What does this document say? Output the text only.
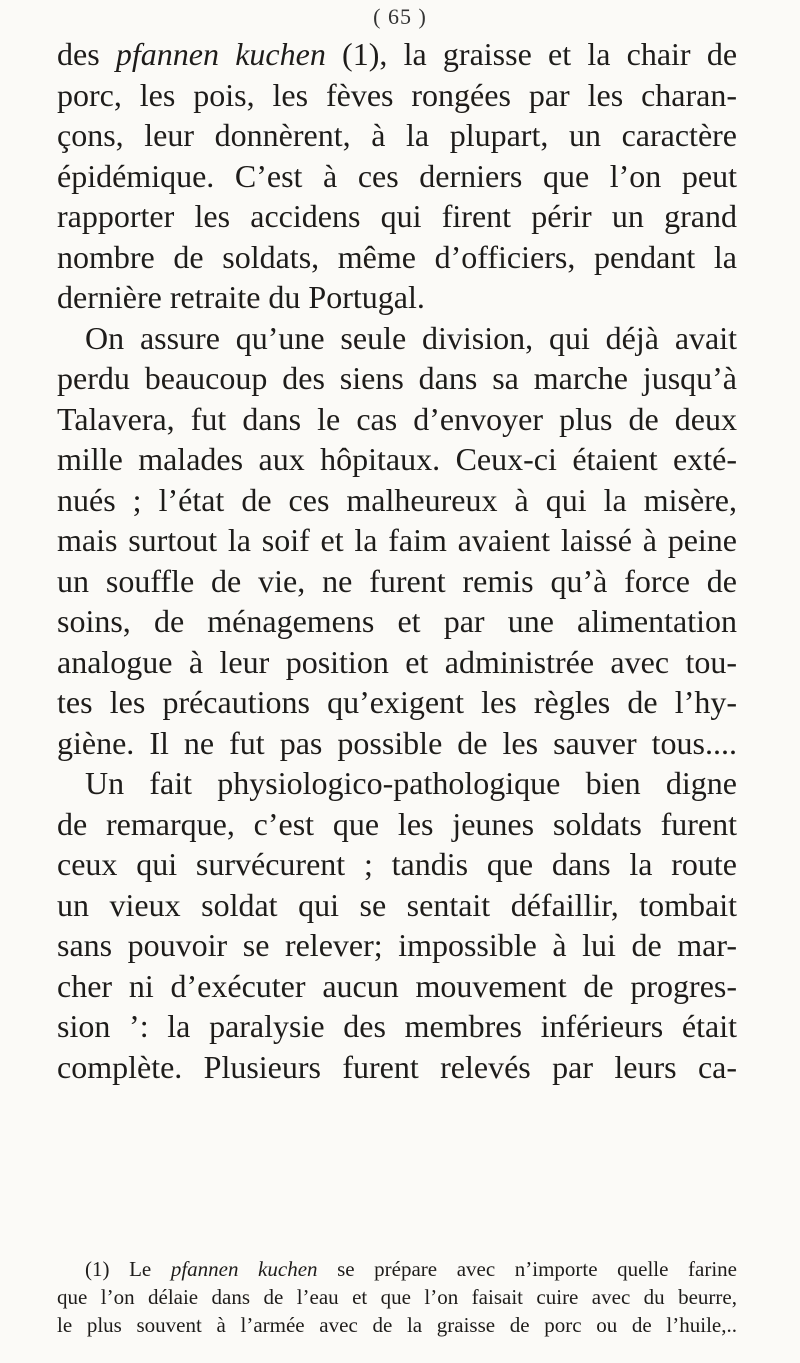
( 65 )
des pfannen kuchen (1), la graisse et la chair de
porc, les pois, les fèves rongées par les charan-
çons, leur donnèrent, à la plupart, un caractère
épidémique. C’est à ces derniers que l’on peut
rapporter les accidens qui firent périr un grand
nombre de soldats, même d’officiers, pendant la
dernière retraite du Portugal.
On assure qu’une seule division, qui déjà avait
perdu beaucoup des siens dans sa marche jusqu’à
Talavera, fut dans le cas d’envoyer plus de deux
mille malades aux hôpitaux. Ceux-ci étaient exté-
nués ; l’état de ces malheureux à qui la misère,
mais surtout la soif et la faim avaient laissé à peine
un souffle de vie, ne furent remis qu’à force de
soins, de ménagemens et par une alimentation
analogue à leur position et administrée avec tou-
tes les précautions qu’exigent les règles de l’hy-
giène. Il ne fut pas possible de les sauver tous....
Un fait physiologico-pathologique bien digne
de remarque, c’est que les jeunes soldats furent
ceux qui survécurent ; tandis que dans la route
un vieux soldat qui se sentait défaillir, tombait
sans pouvoir se relever; impossible à lui de mar-
cher ni d’exécuter aucun mouvement de progres-
sion ’: la paralysie des membres inférieurs était
complète. Plusieurs furent relevés par leurs ca-
(1) Le pfannen kuchen se prépare avec n’importe quelle farine
que l’on délaie dans de l’eau et que l’on faisait cuire avec du beurre,
le plus souvent à l’armée avec de la graisse de porc ou de l’huile,..
